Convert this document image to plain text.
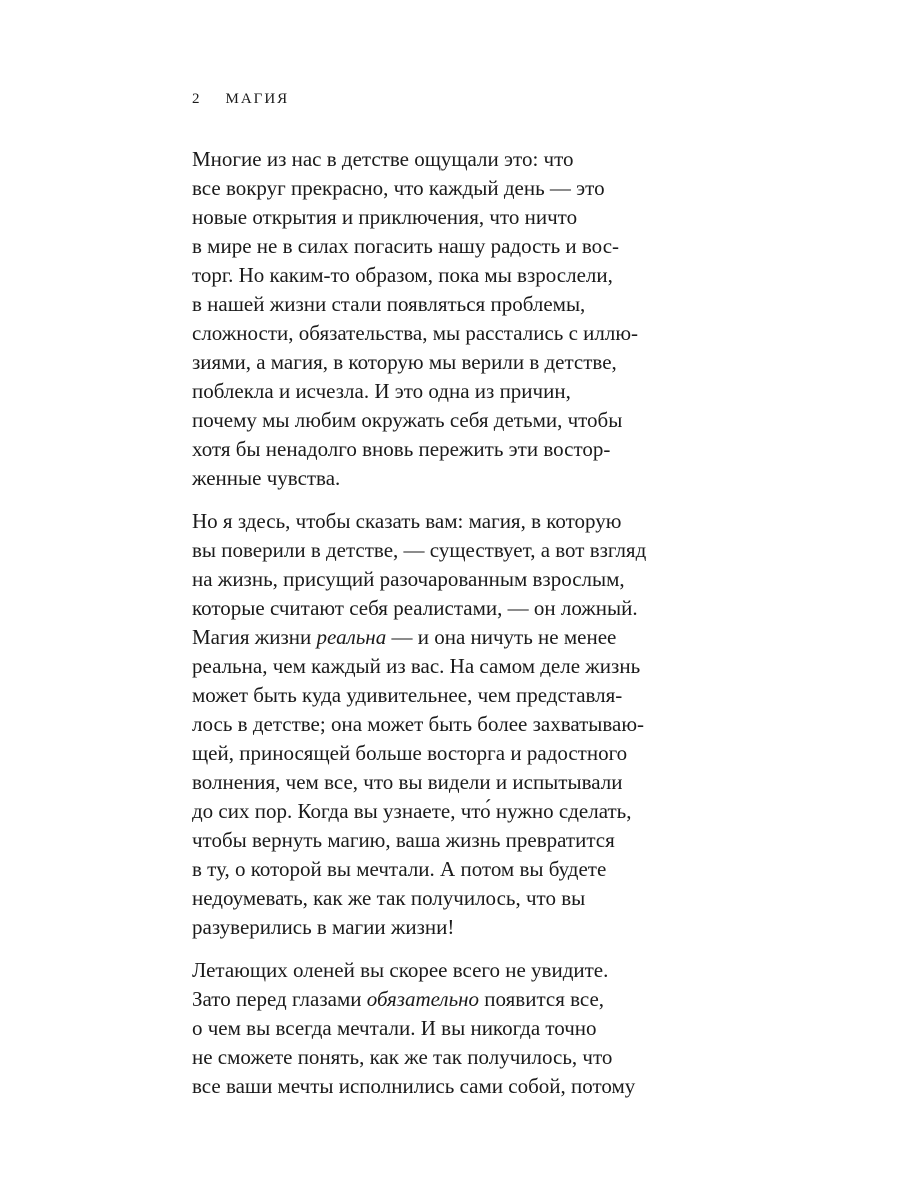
2 МАГИЯ

Многие из нас в детстве ощущали это: что
все вокруг прекрасно, что каждый день — это
новые открытия и приключения, что ничто
в мире не в силах погасить нашу радость и вос-
торг. Но каким-то образом, пока мы взрослели,
в нашей жизни стали появляться проблемы,
сложности, обязательства, мы расстались с иллю-
зиями, а магия, в которую мы верили в детстве,
поблекла и исчезла. И это одна из причин,
почему мы любим окружать себя детьми, чтобы
хотя бы ненадолго вновь пережить эти востор-
женные чувства.

Но я здесь, чтобы сказать вам: магия, в которую
вы поверили в детстве, — существует, а вот взгляд
на жизнь, присущий разочарованным взрослым,
которые считают себя реалистами, — он ложный.
Магия жизни реальна — и она ничуть не менее
реальна, чем каждый из вас. На самом деле жизнь
может быть куда удивительнее, чем представля-
лось в детстве; она может быть более захватываю-
щей, приносящей больше восторга и радостного
волнения, чем все, что вы видели и испытывали
до сих пор. Когда вы узнаете, что́ нужно сделать,
чтобы вернуть магию, ваша жизнь превратится
в ту, о которой вы мечтали. А потом вы будете
недоумевать, как же так получилось, что вы
разуверились в магии жизни!

Летающих оленей вы скорее всего не увидите.
Зато перед глазами обязательно появится все,
о чем вы всегда мечтали. И вы никогда точно
не сможете понять, как же так получилось, что
все ваши мечты исполнились сами собой, потому
